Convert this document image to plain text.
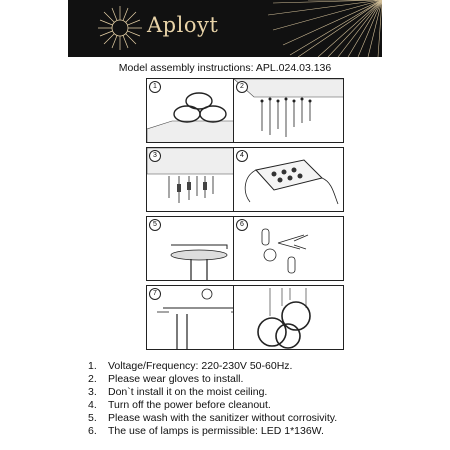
Aployt
Model assembly instructions: APL.024.03.136
1	2
3	4
5	6
7
1.	Voltage/Frequency: 220-230V 50-60Hz.
2.	Please wear gloves to install.
3.	Don`t install it on the moist ceiling.
4.	Turn off the power before cleanout.
5.	Please wash with the sanitizer without corrosivity.
6.	The use of lamps is permissible: LED 1*136W.
